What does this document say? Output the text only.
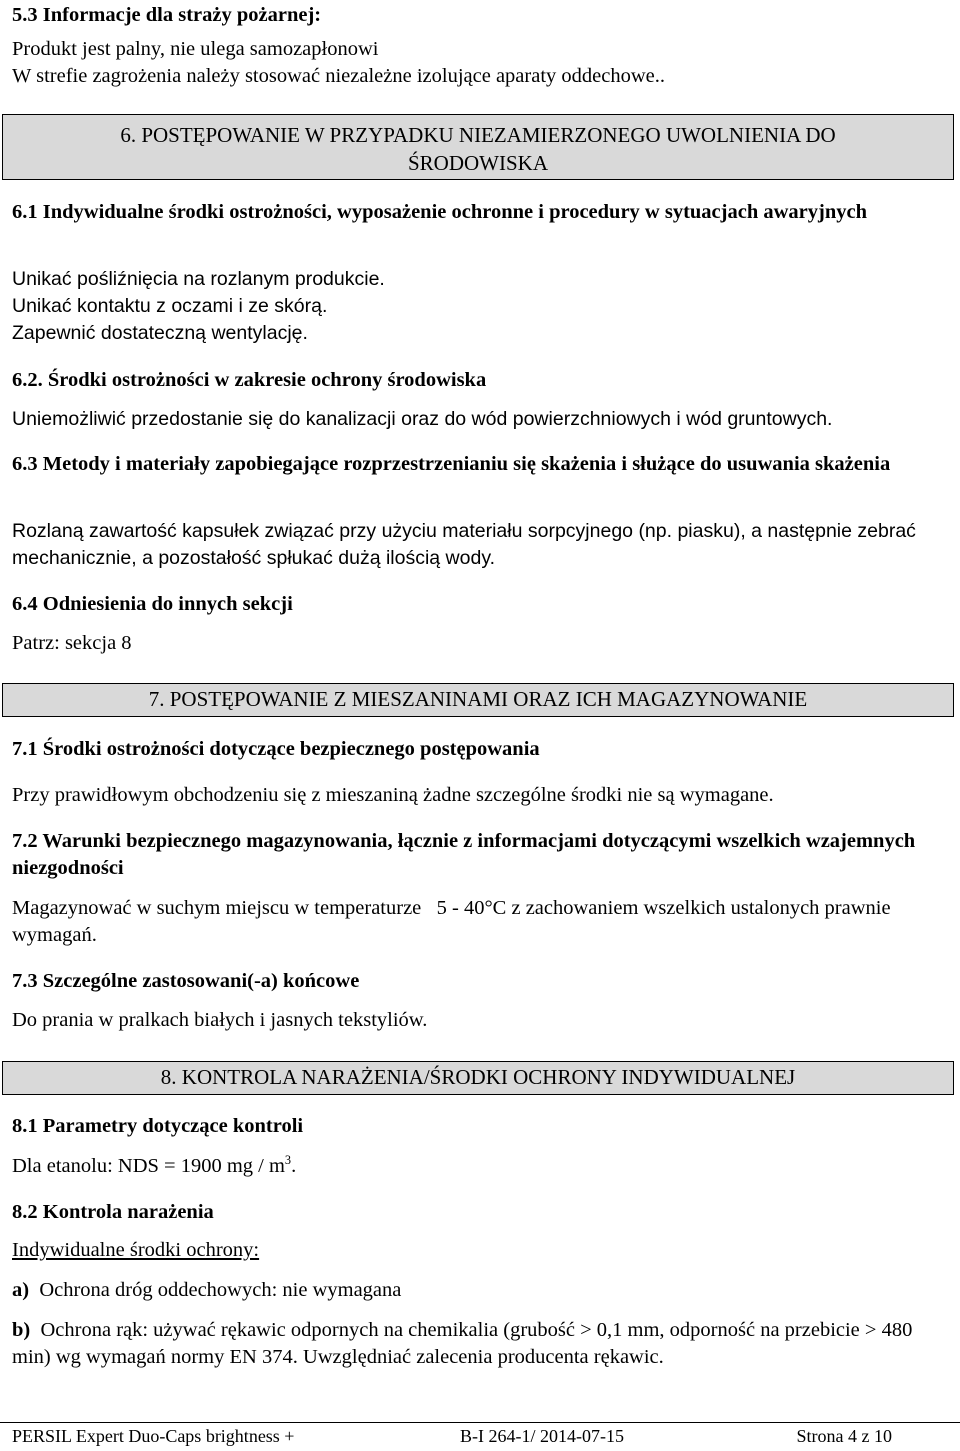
5.3 Informacje dla straży pożarnej:
Produkt jest palny, nie ulega samozapłonowi
W strefie zagrożenia należy stosować niezależne izolujące aparaty oddechowe..
6. POSTĘPOWANIE W PRZYPADKU NIEZAMIERZONEGO UWOLNIENIA DO
ŚRODOWISKA
6.1 Indywidualne środki ostrożności, wyposażenie ochronne i procedury w sytuacjach awaryjnych
Unikać pośliźnięcia na rozlanym produkcie.
Unikać kontaktu z oczami i ze skórą.
Zapewnić dostateczną wentylację.
6.2. Środki ostrożności w zakresie ochrony środowiska
Uniemożliwić przedostanie się do kanalizacji oraz do wód powierzchniowych i wód gruntowych.
6.3 Metody i materiały zapobiegające rozprzestrzenianiu się skażenia i służące do usuwania skażenia
Rozlaną zawartość kapsułek związać przy użyciu materiału sorpcyjnego (np. piasku), a następnie zebrać mechanicznie, a pozostałość spłukać dużą ilością wody.
6.4 Odniesienia do innych sekcji
Patrz: sekcja 8
7. POSTĘPOWANIE Z MIESZANINAMI ORAZ ICH MAGAZYNOWANIE
7.1 Środki ostrożności dotyczące bezpiecznego postępowania
Przy prawidłowym obchodzeniu się z mieszaniną żadne szczególne środki nie są wymagane.
7.2 Warunki bezpiecznego magazynowania, łącznie z informacjami dotyczącymi wszelkich wzajemnych niezgodności
Magazynować w suchym miejscu w temperaturze   5 - 40°C z zachowaniem wszelkich ustalonych prawnie wymagań.
7.3 Szczególne zastosowani(-a) końcowe
Do prania w pralkach białych i jasnych tekstyliów.
8. KONTROLA NARAŻENIA/ŚRODKI OCHRONY INDYWIDUALNEJ
8.1 Parametry dotyczące kontroli
Dla etanolu: NDS = 1900 mg / $m^3$.
8.2 Kontrola narażenia
Indywidualne środki ochrony:
a)  Ochrona dróg oddechowych: nie wymagana
b)  Ochrona rąk: używać rękawic odpornych na chemikalia (grubość > 0,1 mm, odporność na przebicie > 480 min) wg wymagań normy EN 374. Uwzględniać zalecenia producenta rękawic.
PERSIL Expert Duo-Caps brightness +	B-I 264-1/ 2014-07-15	Strona 4 z 10
